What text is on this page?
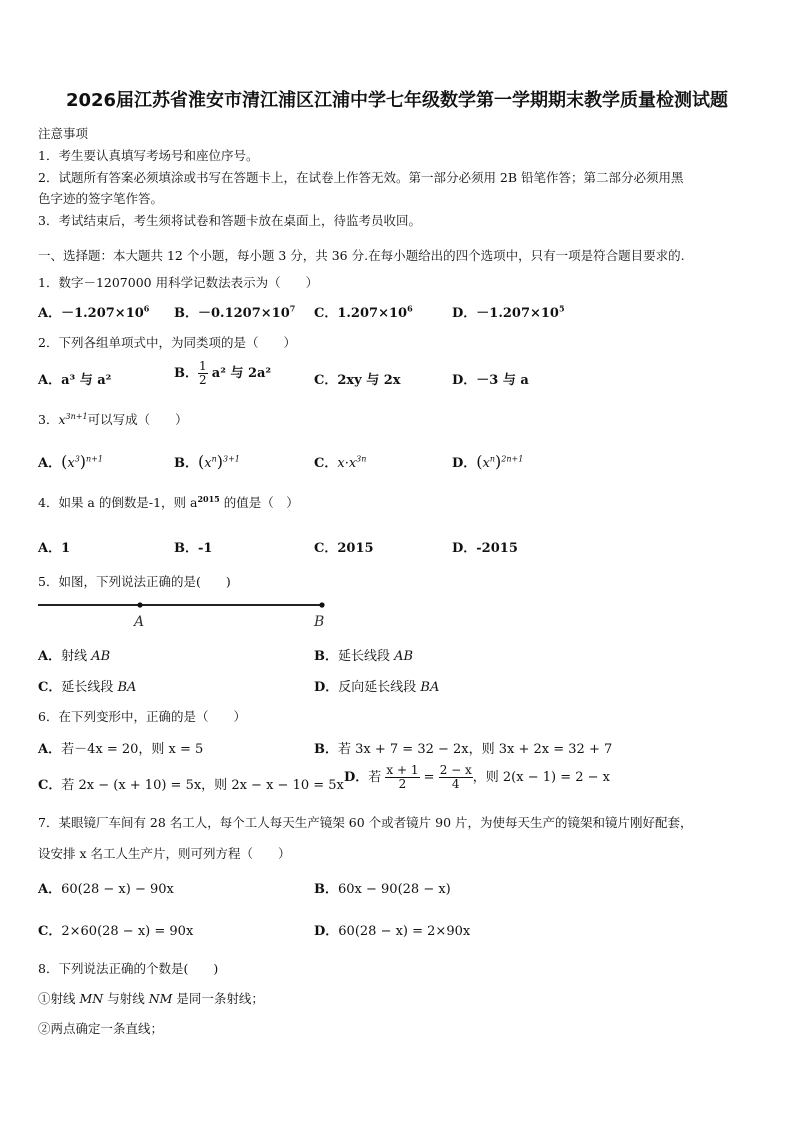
2026届江苏省淮安市清江浦区江浦中学七年级数学第一学期期末教学质量检测试题
注意事项
1．考生要认真填写考场号和座位序号。
2．试题所有答案必须填涂或书写在答题卡上，在试卷上作答无效。第一部分必须用 2B 铅笔作答；第二部分必须用黑
色字迹的签字笔作答。
3．考试结束后，考生须将试卷和答题卡放在桌面上，待监考员收回。
一、选择题：本大题共 12 个小题，每小题 3 分，共 36 分.在每小题给出的四个选项中，只有一项是符合题目要求的.
1．数字－1207000 用科学记数法表示为（　　）
A．$-1.207\times 10^6$ B．$-0.1207\times 10^7$ C．$1.207\times 10^6$	D．$-1.207\times 10^5$
2．下列各组单项式中，为同类项的是（　　）
A．a³ 与 a²	B． $\frac{1}{2} a^2$ 与 2a²	C．2xy 与 2x	D．－3 与 a
3．$x^{3n+1}$可以写成（　　）
A．$(x^3)^{n+1}$	B．$(x^n)^{3+1}$	C．$x\cdot x^{3n}$	D．$(x^n)^{2n+1}$
4．如果 a 的倒数是-1，则 $a^{2015}$ 的值是（　）
A．1	B．-1	C．2015	D．-2015
5．如图，下列说法正确的是(　　)
A	B
A．射线 AB	B．延长线段 AB
C．延长线段 BA	D．反向延长线段 BA
6．在下列变形中，正确的是（　　）
A．若－4x = 20，则 x = 5	B．若 3x + 7 = 32 − 2x，则 3x + 2x = 32 + 7
C．若 2x − (x + 10) = 5x，则 2x − x − 10 = 5x
D．若 $\frac{x + 1}{2} = \frac{2 - x}{4}$ ，则 2(x − 1) = 2 − x
7．某眼镜厂车间有 28 名工人，每个工人每天生产镜架 60 个或者镜片 90 片，为使每天生产的镜架和镜片刚好配套，
设安排 x 名工人生产片，则可列方程（　　）
A．60(28 − x) − 90x	B．60x − 90(28 − x)
C．2×60(28 − x) = 90x	D．60(28 − x) = 2×90x
8．下列说法正确的个数是(　　)
①射线 MN 与射线 NM 是同一条射线；
②两点确定一条直线；
